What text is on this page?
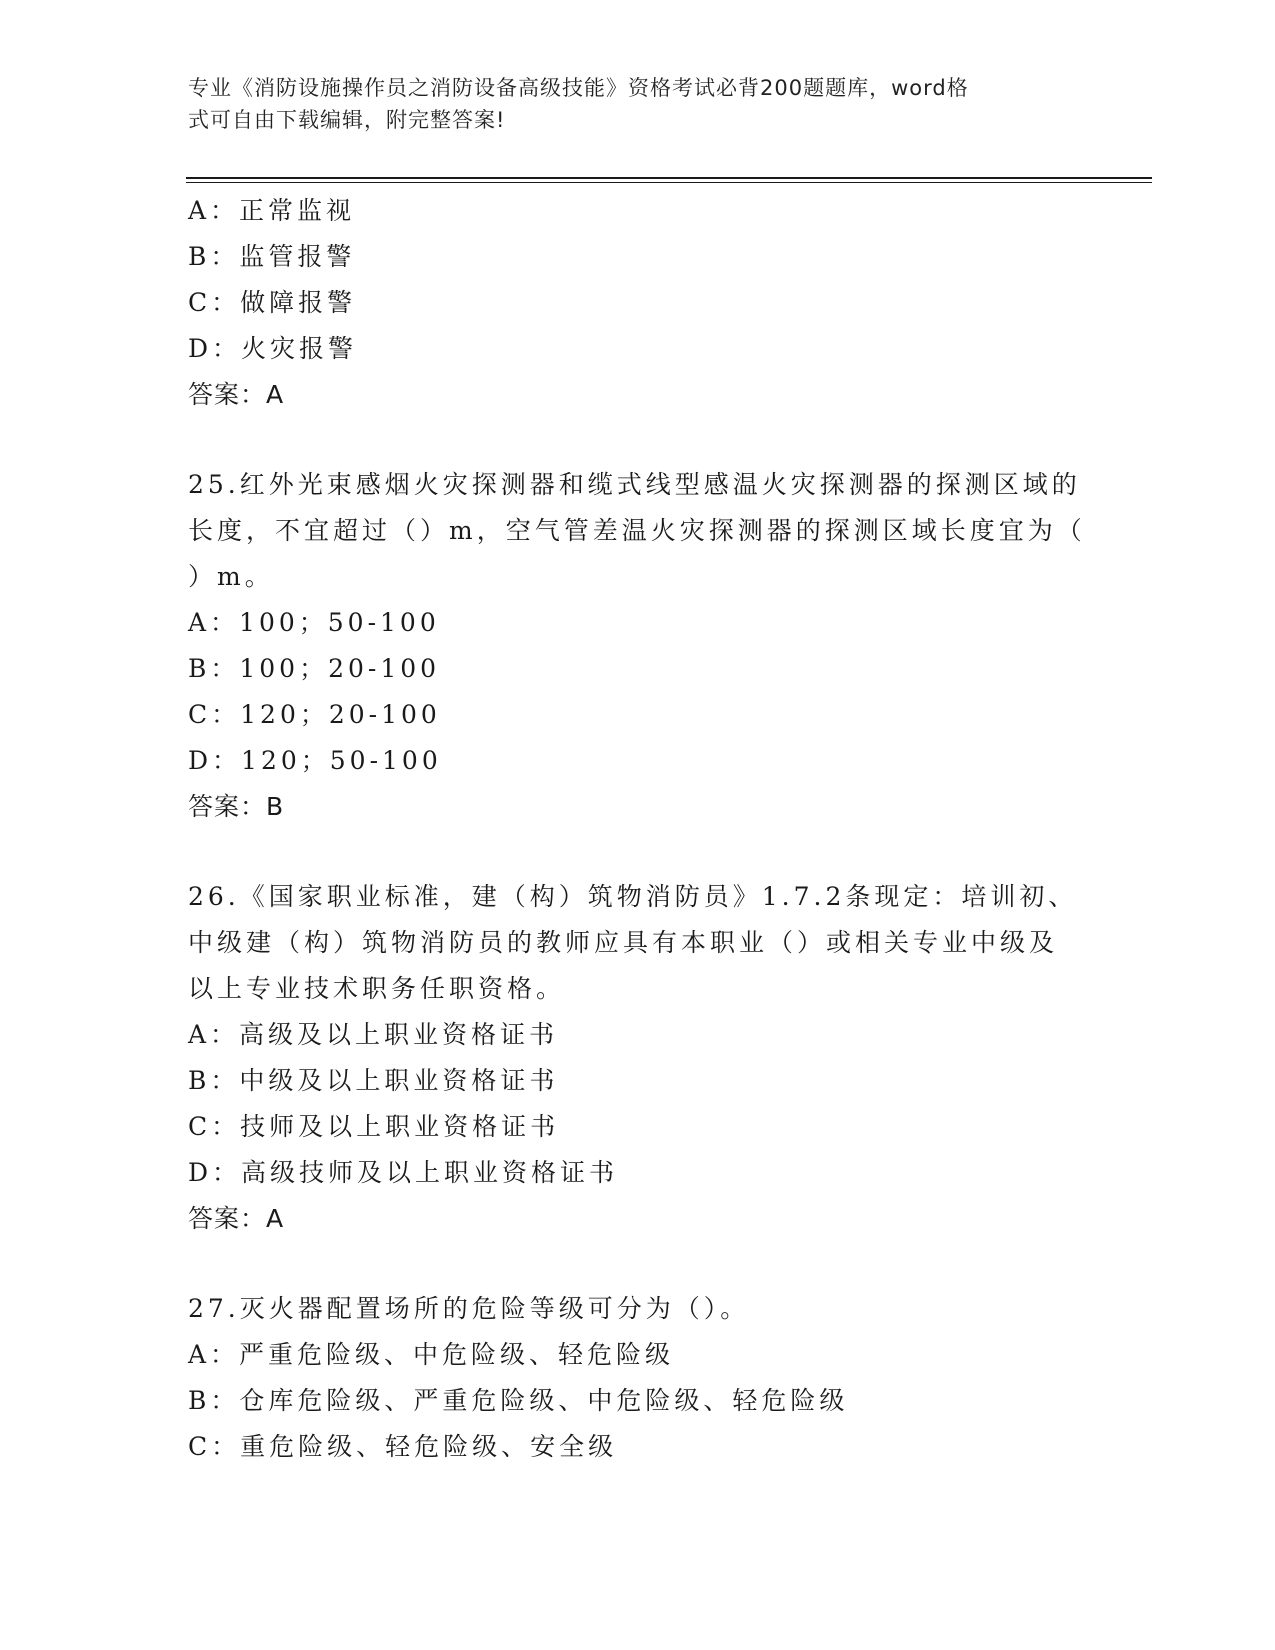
专业《消防设施操作员之消防设备高级技能》资格考试必背200题题库，word格
式可自由下载编辑，附完整答案!
A：正常监视
B：监管报警
C：做障报警
D：火灾报警
答案：A
25.红外光束感烟火灾探测器和缆式线型感温火灾探测器的探测区域的
长度，不宜超过（）m，空气管差温火灾探测器的探测区域长度宜为（
）m。
A：100；50-100
B：100；20-100
C：120；20-100
D：120；50-100
答案：B
26.《国家职业标准，建（构）筑物消防员》1.7.2条现定：培训初、
中级建（构）筑物消防员的教师应具有本职业（）或相关专业中级及
以上专业技术职务任职资格。
A：高级及以上职业资格证书
B：中级及以上职业资格证书
C：技师及以上职业资格证书
D：高级技师及以上职业资格证书
答案：A
27.灭火器配置场所的危险等级可分为（）。
A：严重危险级、中危险级、轻危险级
B：仓库危险级、严重危险级、中危险级、轻危险级
C：重危险级、轻危险级、安全级
